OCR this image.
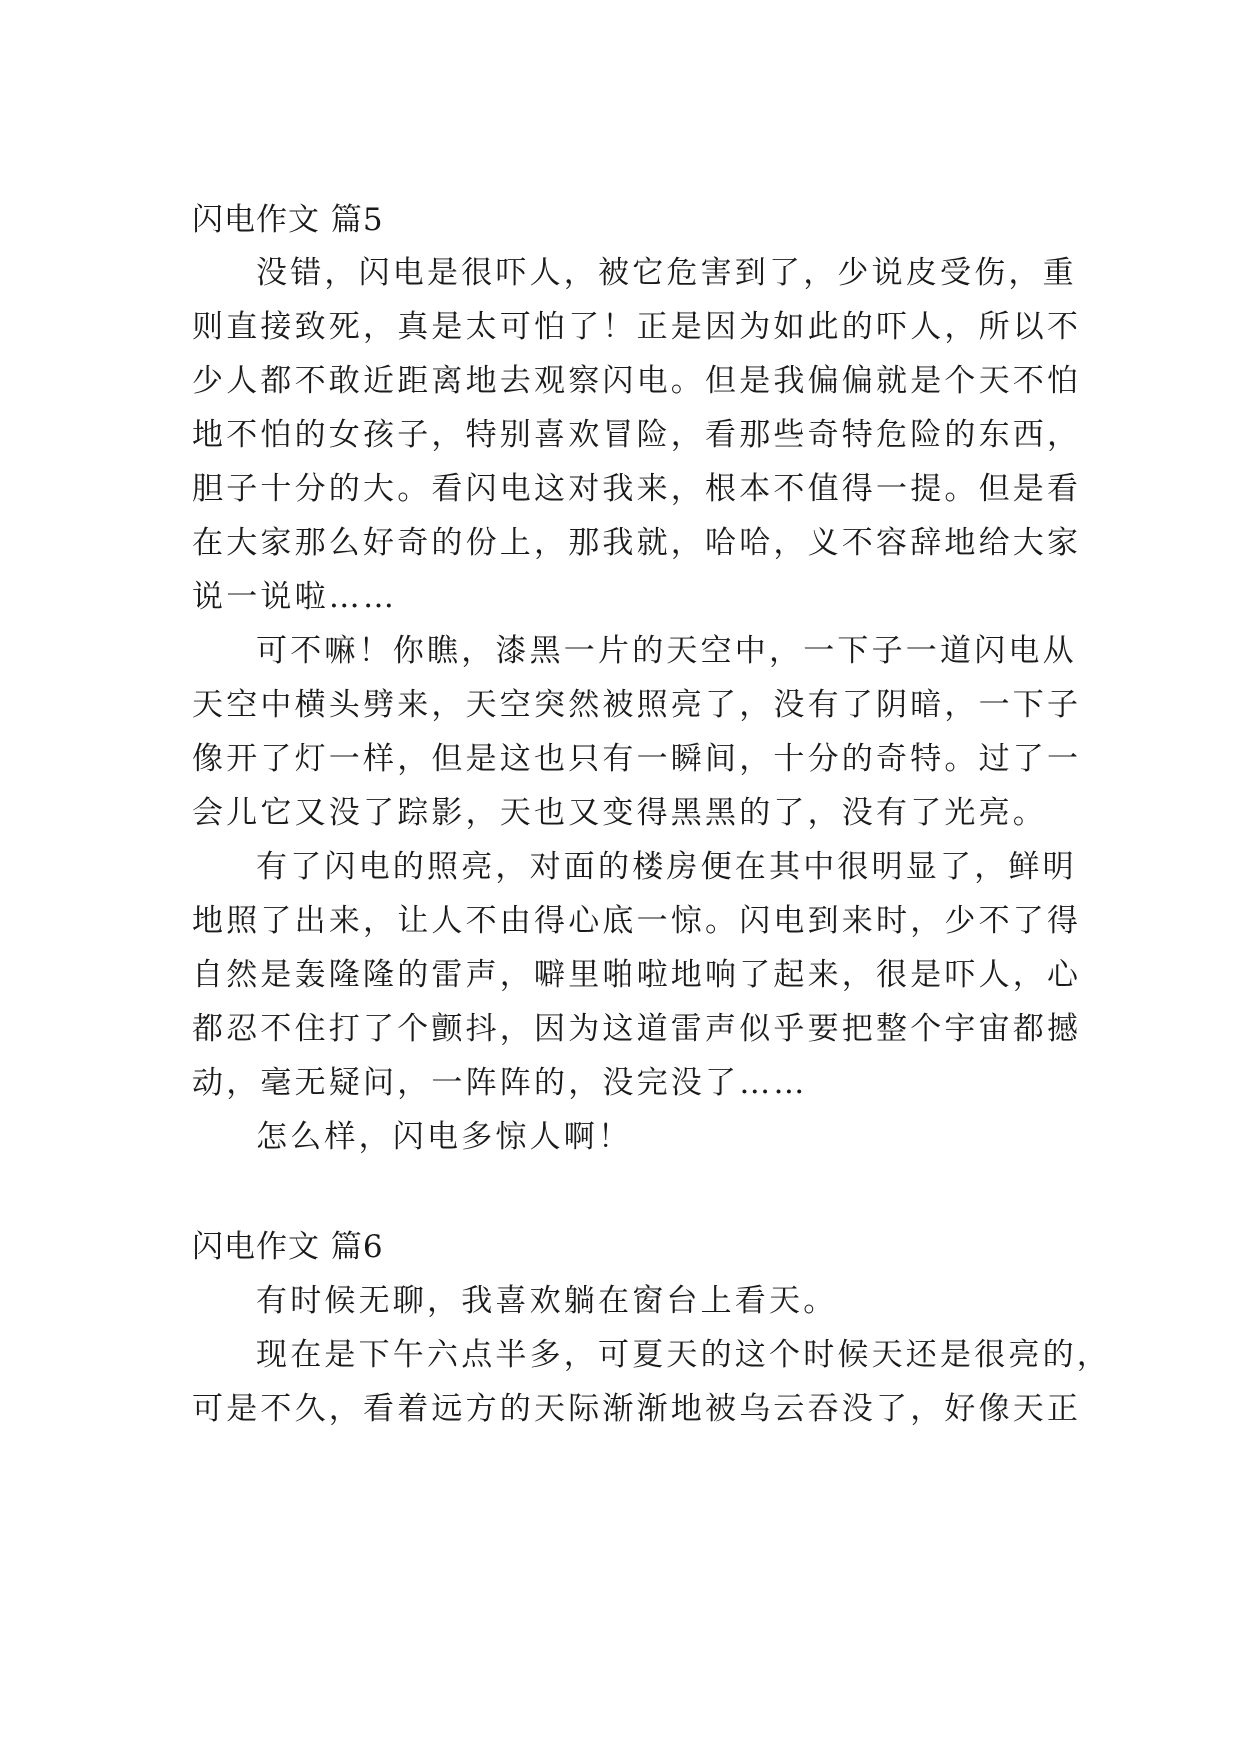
闪电作文 篇5
没错，闪电是很吓人，被它危害到了，少说皮受伤，重
则直接致死，真是太可怕了！正是因为如此的吓人，所以不
少人都不敢近距离地去观察闪电。但是我偏偏就是个天不怕
地不怕的女孩子，特别喜欢冒险，看那些奇特危险的东西，
胆子十分的大。看闪电这对我来，根本不值得一提。但是看
在大家那么好奇的份上，那我就，哈哈，义不容辞地给大家
说一说啦……
可不嘛！你瞧，漆黑一片的天空中，一下子一道闪电从
天空中横头劈来，天空突然被照亮了，没有了阴暗，一下子
像开了灯一样，但是这也只有一瞬间，十分的奇特。过了一
会儿它又没了踪影，天也又变得黑黑的了，没有了光亮。
有了闪电的照亮，对面的楼房便在其中很明显了，鲜明
地照了出来，让人不由得心底一惊。闪电到来时，少不了得
自然是轰隆隆的雷声，噼里啪啦地响了起来，很是吓人，心
都忍不住打了个颤抖，因为这道雷声似乎要把整个宇宙都撼
动，毫无疑问，一阵阵的，没完没了……
怎么样，闪电多惊人啊！
闪电作文 篇6
有时候无聊，我喜欢躺在窗台上看天。
现在是下午六点半多，可夏天的这个时候天还是很亮的，
可是不久，看着远方的天际渐渐地被乌云吞没了，好像天正
